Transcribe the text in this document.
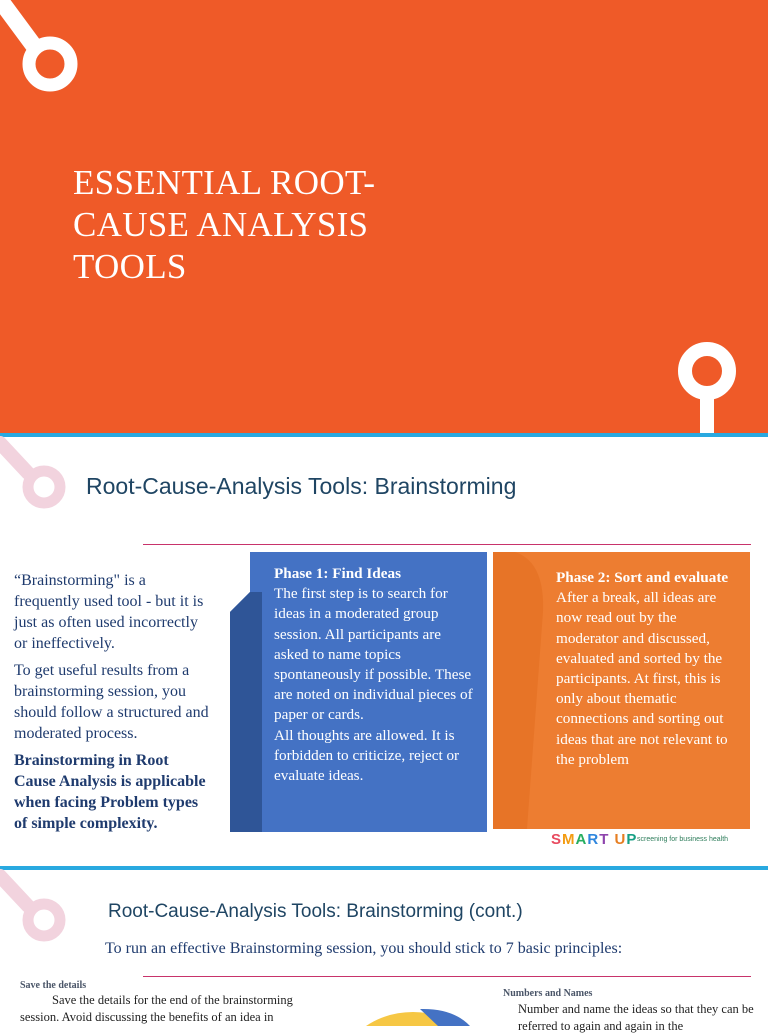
ESSENTIAL ROOT-
CAUSE ANALYSIS
TOOLS
Root-Cause-Analysis Tools: Brainstorming

“Brainstorming" is a frequently used tool - but it is just as often used incorrectly or ineffectively.

To get useful results from a brainstorming session, you should follow a structured and moderated process.

Brainstorming in Root Cause Analysis is applicable when facing Problem types of simple complexity.

Phase 1: Find Ideas
The first step is to search for ideas in a moderated group session. All participants are asked to name topics spontaneously if possible. These are noted on individual pieces of paper or cards.
All thoughts are allowed. It is forbidden to criticize, reject or evaluate ideas.
Phase 2: Sort and evaluate
After a break, all ideas are now read out by the moderator and discussed, evaluated and sorted by the participants. At first, this is only about thematic connections and sorting out ideas that are not relevant to the problem
SMART UP screening for business health
Root-Cause-Analysis Tools: Brainstorming (cont.)
To run an effective Brainstorming session, you should stick to 7 basic principles:
Save the details
Save the details for the end of the brainstorming session. Avoid discussing the benefits of an idea in
Numbers and Names
Number and name the ideas so that they can be referred to again and again in the
